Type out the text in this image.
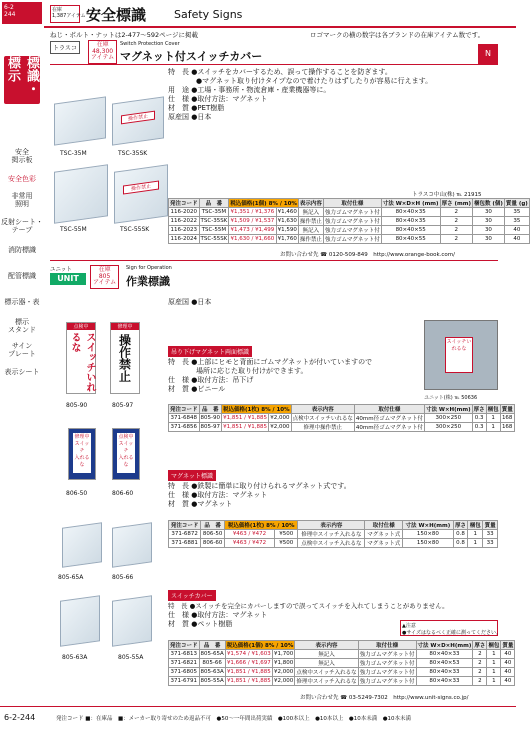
6-2
244
標識・標示
安全
掲示板
安全色彩
非常用
照明
反射シート・
テープ
消防標識
配管標識
標示器・表
標示
スタンド
サイン
プレート
表示シート
在庫
1,387アイテム 安全標識	Safety Signs
ねじ・ボルト・ナットは2-477〜592ページに掲載	ロゴマークの横の数字は各ブランドの在庫アイテム数です。
トラスコ
在庫
48,300
アイテム
Switch Protection Cover
マグネット付スイッチカバー	N
特　長 ●スイッチをカバーするため、誤って操作することを防ぎます。
　　　　●マグネット取り付けタイプなので着けたりはずしたりが容易に行えます。
用　途 ●工場・事務所・物流倉庫・産業機器等に。
仕　様 ●取付方法：マグネット
材　質 ●PET樹脂
原産国 ●日本
TSC-35M
操作禁止
TSC-35SK
TSC-55M
操作禁止
TSC-55SK
トラスコ中山(株) ℡ 21915
発注コード	品　番	税込価格(1個) 8% / 10%		表示内容	取付仕様	寸法 W×D×H (mm)	厚さ (mm)	梱包数 (個)	質量 (g)
116-2020	TSC-35M	¥1,351 / ¥1,376	¥1,460	無記入	強力ゴムマグネット付	80×40×35	2	30	35
116-2022	TSC-35SK	¥1,509 / ¥1,537	¥1,630	操作禁止	強力ゴムマグネット付	80×40×35	2	30	35
116-2023	TSC-55M	¥1,473 / ¥1,499	¥1,590	無記入	強力ゴムマグネット付	80×40×55	2	30	40
116-2024	TSC-55SK	¥1,630 / ¥1,660	¥1,760	操作禁止	強力ゴムマグネット付	80×40×55	2	30	40
お問い合わせ先 ☎ 0120-509-849　http://www.orange-book.com/
ユニット
UNIT
在庫
805
アイテム
Sign for Operation
作業標識
原産国 ●日本
点検中
スイッチいれるな
805-90
修理中
操作禁止
805-97
修理中
スイッチ
入れるな
806-50
点検中
スイッチ
入れるな
806-60
805-65A	805-66
805-63A	805-55A
吊り下げマグネット両面標識
特　長 ●上部にヒモと背面にゴムマグネットが付いていますので
　　　　場所に応じた取り付けができます。
仕　様 ●取付方法：吊下げ
材　質 ●ビニール
スイッチいれるな
ユニット(株) ℡ 50636
発注コード	品　番	税込価格(1枚) 8% / 10%		表示内容	取付仕様	寸法 W×H(mm)	厚さ	梱包	質量
371-6848	805-90	¥1,851 / ¥1,885	¥2,000	点検中スイッチいれるな	40mm径ゴムマグネット付	300×250	0.3	1	168
371-6856	805-97	¥1,851 / ¥1,885	¥2,000	修理中操作禁止	40mm径ゴムマグネット付	300×250	0.3	1	168
マグネット標識
特　長 ●鉄製に簡単に取り付けられるマグネット式です。
仕　様 ●取付方法：マグネット
材　質 ●マグネット
発注コード	品　番	税込価格(1枚) 8% / 10%		表示内容	取付仕様	寸法 W×H(mm)	厚さ	梱包	質量
371-6872	806-50	¥463 / ¥472	¥500	修理中スイッチ入れるな	マグネット式	150×80	0.8	1	33
371-6881	806-60	¥463 / ¥472	¥500	点検中スイッチ入れるな	マグネット式	150×80	0.8	1	33
スイッチカバー
特　長 ●スイッチを完全にカバーしますので誤ってスイッチを入れてしまうことがありません。
仕　様 ●取付方法：マグネット
材　質 ●ペット樹脂	▲注意
●サイズはなるべく正確に測ってください。
発注コード	品　番	税込価格(1個) 8% / 10%		表示内容	取付仕様	寸法 W×D×H(mm)	厚さ	梱包	質量
371-6813	805-65A	¥1,574 / ¥1,603	¥1,700	無記入	強力ゴムマグネット付	80×40×33	2	1	40
371-6821	805-66	¥1,666 / ¥1,697	¥1,800	無記入	強力ゴムマグネット付	80×40×53	2	1	40
371-6805	805-63A	¥1,851 / ¥1,885	¥2,000	点検中スイッチ入れるな	強力ゴムマグネット付	80×40×33	2	1	40
371-6791	805-55A	¥1,851 / ¥1,885	¥2,000	修理中スイッチ入れるな	強力ゴムマグネット付	80×40×33	2	1	40
お問い合わせ先 ☎ 03-5249-7302　http://www.unit-signs.co.jp/
6-2-244	発注コード ■：在庫品　■：メーカー取り寄せのため返品不可　●50〜一年間出荷実績　●100本以上　●10本以上　●10本未満　●10本未満
